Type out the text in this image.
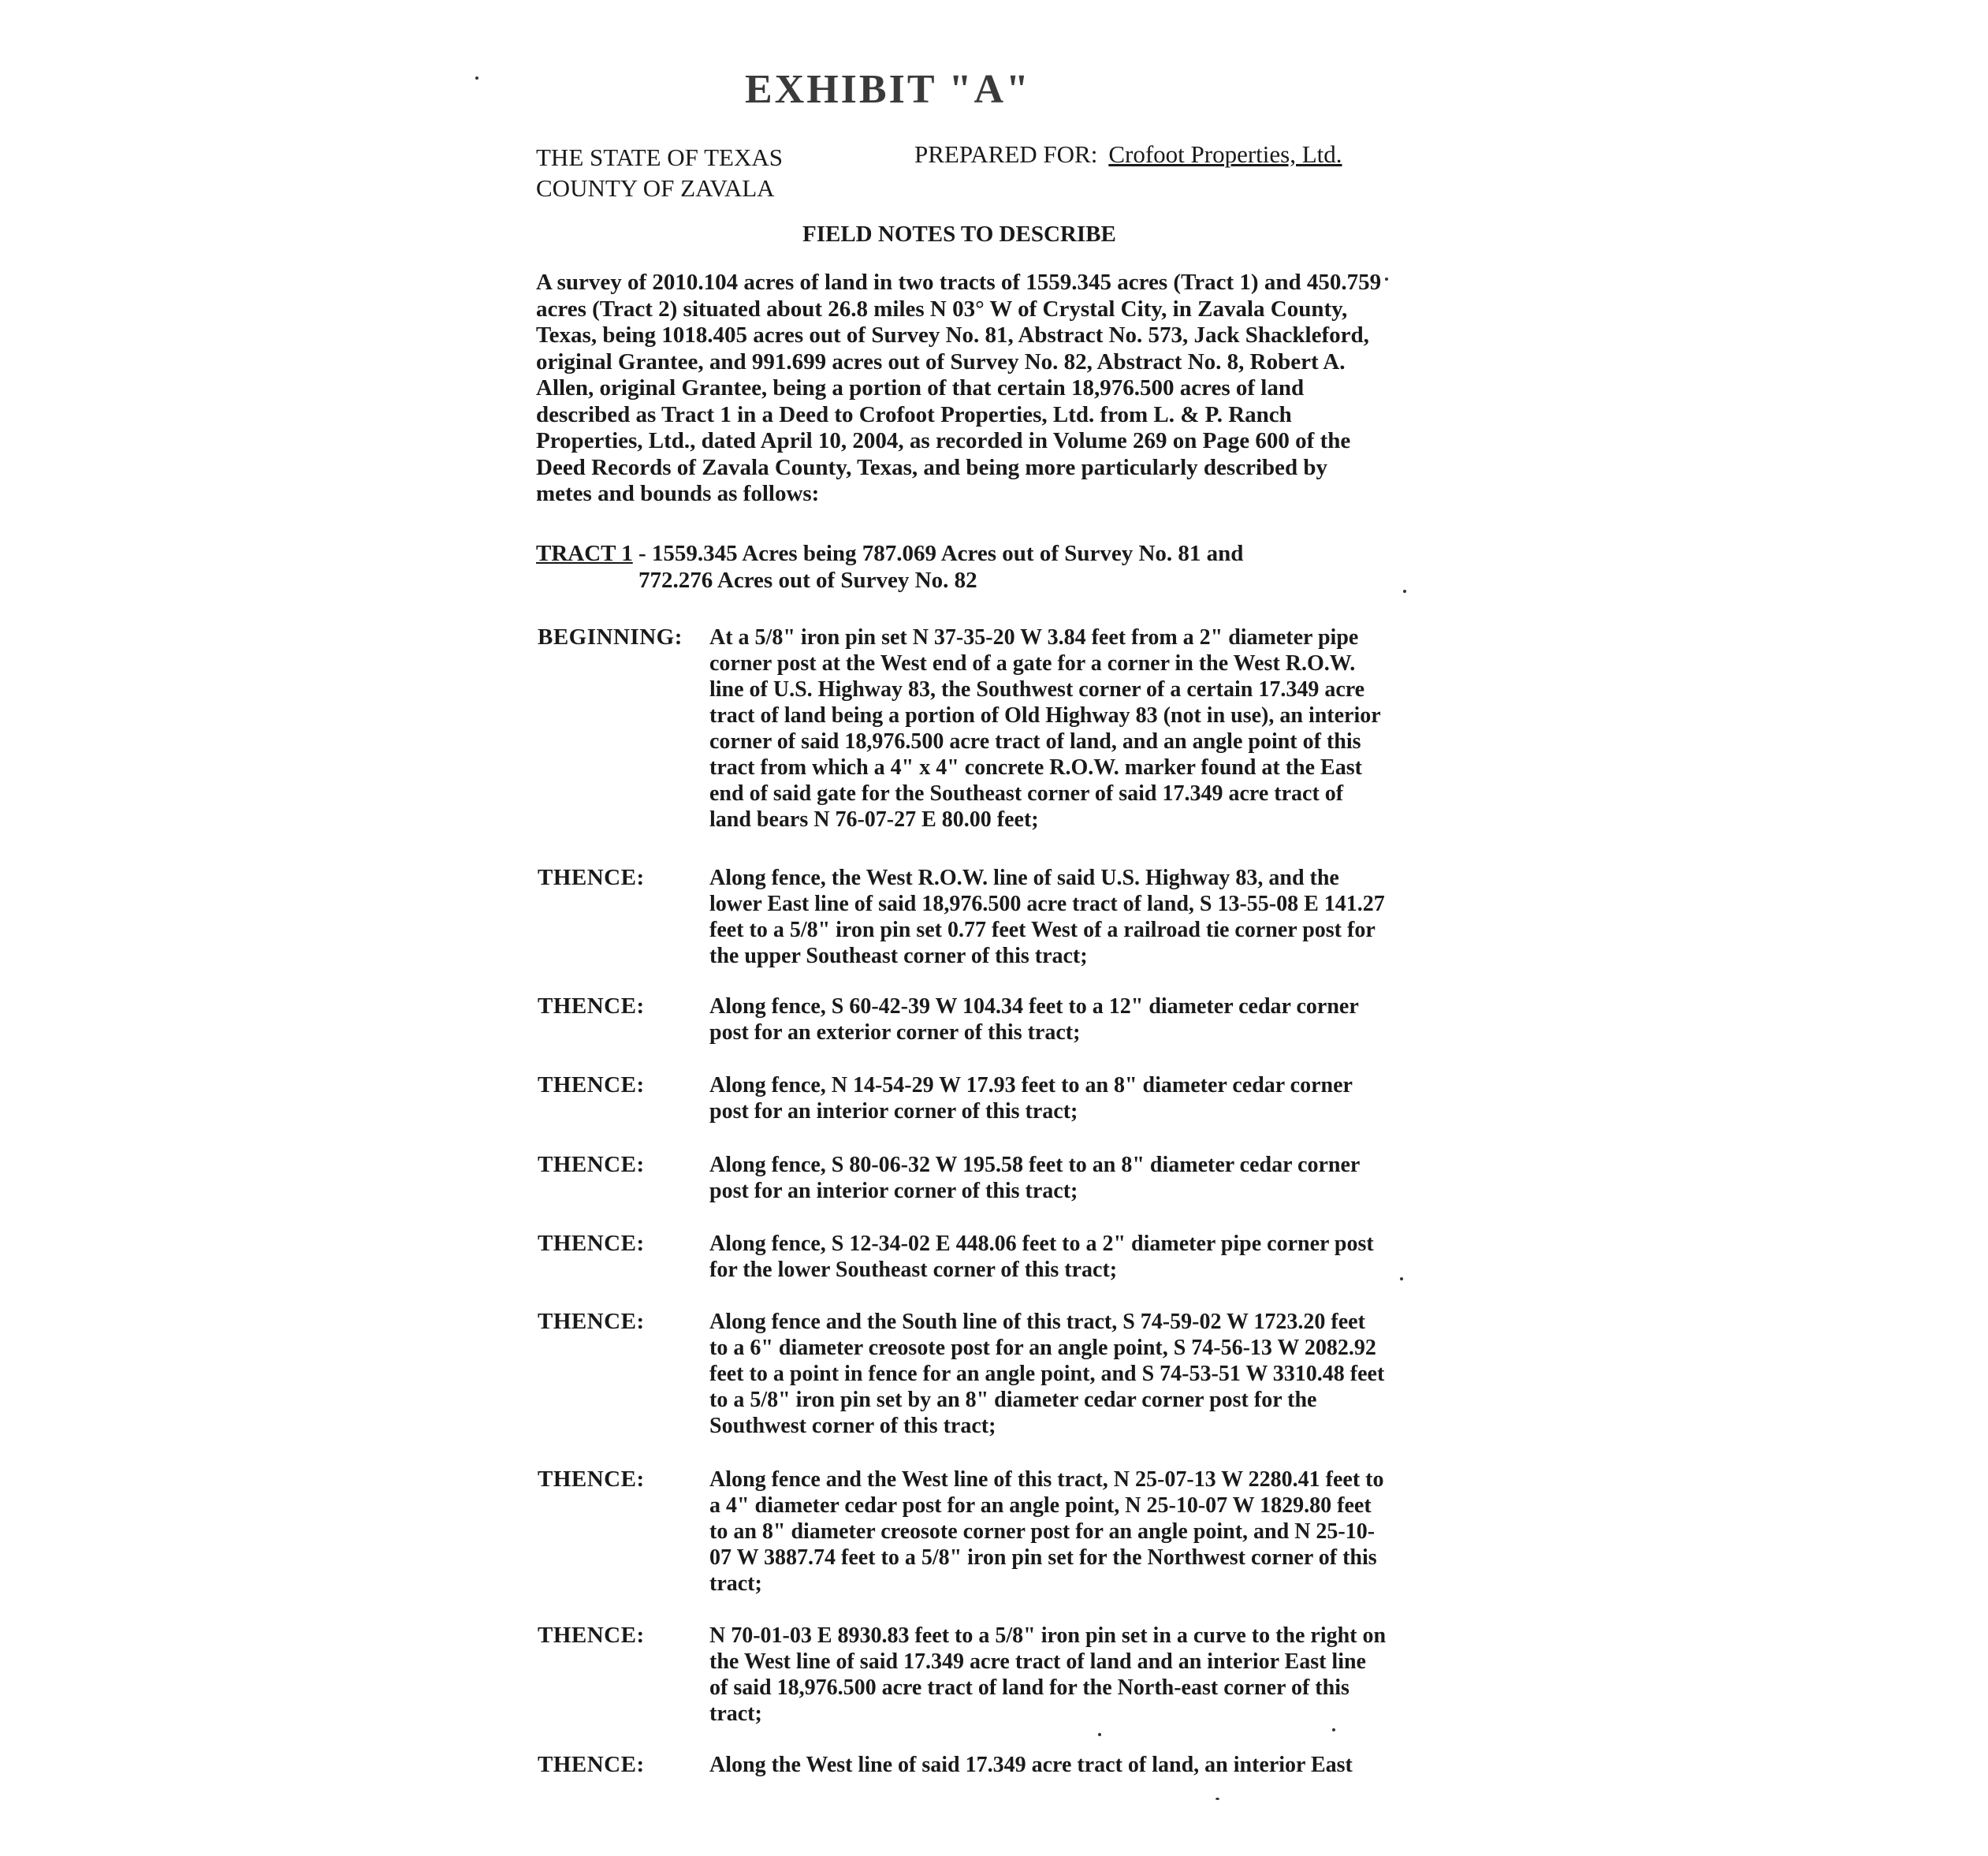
EXHIBIT "A"
THE STATE OF TEXAS
COUNTY OF ZAVALA
PREPARED FOR: Crofoot Properties, Ltd.
FIELD NOTES TO DESCRIBE
A survey of 2010.104 acres of land in two tracts of 1559.345 acres (Tract 1) and 450.759 acres (Tract 2) situated about 26.8 miles N 03° W of Crystal City, in Zavala County, Texas, being 1018.405 acres out of Survey No. 81, Abstract No. 573, Jack Shackleford, original Grantee, and 991.699 acres out of Survey No. 82, Abstract No. 8, Robert A. Allen, original Grantee, being a portion of that certain 18,976.500 acres of land described as Tract 1 in a Deed to Crofoot Properties, Ltd. from L. & P. Ranch Properties, Ltd., dated April 10, 2004, as recorded in Volume 269 on Page 600 of the Deed Records of Zavala County, Texas, and being more particularly described by metes and bounds as follows:
TRACT 1 - 1559.345 Acres being 787.069 Acres out of Survey No. 81 and 772.276 Acres out of Survey No. 82
BEGINNING: At a 5/8" iron pin set N 37-35-20 W 3.84 feet from a 2" diameter pipe corner post at the West end of a gate for a corner in the West R.O.W. line of U.S. Highway 83, the Southwest corner of a certain 17.349 acre tract of land being a portion of Old Highway 83 (not in use), an interior corner of said 18,976.500 acre tract of land, and an angle point of this tract from which a 4" x 4" concrete R.O.W. marker found at the East end of said gate for the Southeast corner of said 17.349 acre tract of land bears N 76-07-27 E 80.00 feet;
THENCE:	Along fence, the West R.O.W. line of said U.S. Highway 83, and the lower East line of said 18,976.500 acre tract of land, S 13-55-08 E 141.27 feet to a 5/8" iron pin set 0.77 feet West of a railroad tie corner post for the upper Southeast corner of this tract;
THENCE:	Along fence, S 60-42-39 W 104.34 feet to a 12" diameter cedar corner post for an exterior corner of this tract;
THENCE:	Along fence, N 14-54-29 W 17.93 feet to an 8" diameter cedar corner post for an interior corner of this tract;
THENCE:	Along fence, S 80-06-32 W 195.58 feet to an 8" diameter cedar corner post for an interior corner of this tract;
THENCE:	Along fence, S 12-34-02 E 448.06 feet to a 2" diameter pipe corner post for the lower Southeast corner of this tract;
THENCE:	Along fence and the South line of this tract, S 74-59-02 W 1723.20 feet to a 6" diameter creosote post for an angle point, S 74-56-13 W 2082.92 feet to a point in fence for an angle point, and S 74-53-51 W 3310.48 feet to a 5/8" iron pin set by an 8" diameter cedar corner post for the Southwest corner of this tract;
THENCE:	Along fence and the West line of this tract, N 25-07-13 W 2280.41 feet to a 4" diameter cedar post for an angle point, N 25-10-07 W 1829.80 feet to an 8" diameter creosote corner post for an angle point, and N 25-10-07 W 3887.74 feet to a 5/8" iron pin set for the Northwest corner of this tract;
THENCE:	N 70-01-03 E 8930.83 feet to a 5/8" iron pin set in a curve to the right on the West line of said 17.349 acre tract of land and an interior East line of said 18,976.500 acre tract of land for the North-east corner of this tract;
THENCE:	Along the West line of said 17.349 acre tract of land, an interior East
